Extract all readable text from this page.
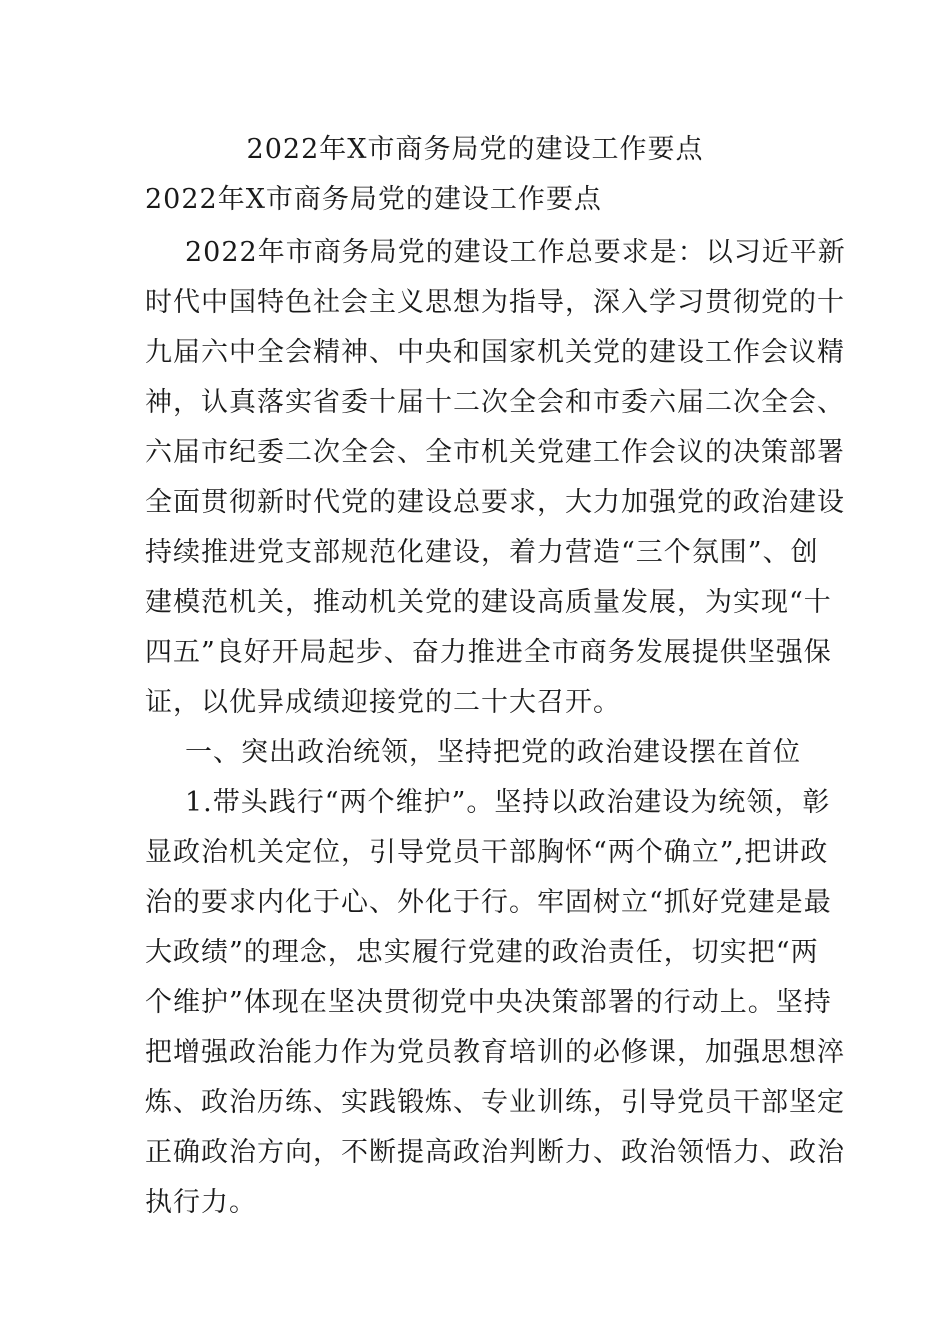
2022年X市商务局党的建设工作要点
2022年X市商务局党的建设工作要点
2022年市商务局党的建设工作总要求是：以习近平新
时代中国特色社会主义思想为指导，深入学习贯彻党的十
九届六中全会精神、中央和国家机关党的建设工作会议精
神，认真落实省委十届十二次全会和市委六届二次全会、
六届市纪委二次全会、全市机关党建工作会议的决策部署
全面贯彻新时代党的建设总要求，大力加强党的政治建设
持续推进党支部规范化建设，着力营造“三个氛围”、创
建模范机关，推动机关党的建设高质量发展，为实现“十
四五”良好开局起步、奋力推进全市商务发展提供坚强保
证，以优异成绩迎接党的二十大召开。
一、突出政治统领，坚持把党的政治建设摆在首位
1.带头践行“两个维护”。坚持以政治建设为统领，彰
显政治机关定位，引导党员干部胸怀“两个确立”,把讲政
治的要求内化于心、外化于行。牢固树立“抓好党建是最
大政绩”的理念，忠实履行党建的政治责任，切实把“两
个维护”体现在坚决贯彻党中央决策部署的行动上。坚持
把增强政治能力作为党员教育培训的必修课，加强思想淬
炼、政治历练、实践锻炼、专业训练，引导党员干部坚定
正确政治方向，不断提高政治判断力、政治领悟力、政治
执行力。
